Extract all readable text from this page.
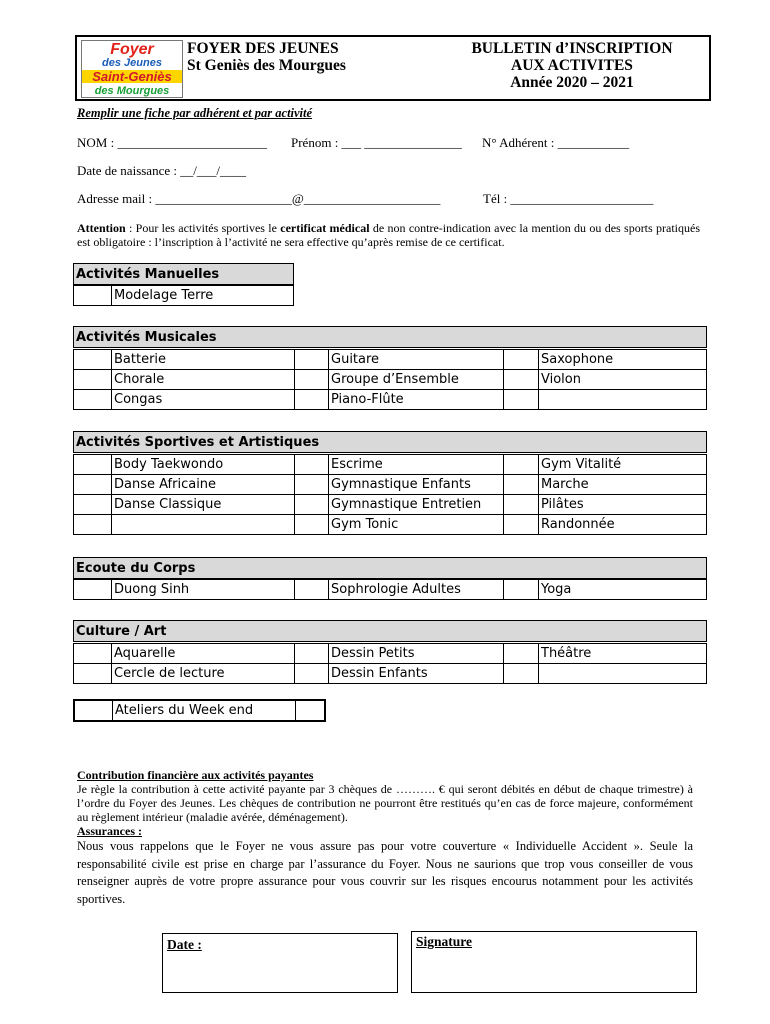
Foyer
des Jeunes
Saint-Geniès
des Mourgues
FOYER DES JEUNES
St Geniès des Mourgues
BULLETIN d’INSCRIPTION
AUX ACTIVITES
Année 2020 – 2021
Remplir une fiche par adhérent et par activité
NOM : _______________________ Prénom : ___ _______________ N° Adhérent : ___________
Date de naissance : __/___/____
Adresse mail : _____________________@_____________________	Tél : ______________________
Attention : Pour les activités sportives le certificat médical de non contre-indication avec la mention du ou des sports pratiqués est obligatoire : l’inscription à l’activité ne sera effective qu’après remise de ce certificat.
Activités Manuelles
	Modelage Terre
Activités Musicales
	Batterie		Guitare		Saxophone
	Chorale		Groupe d’Ensemble		Violon
	Congas		Piano-Flûte		
Activités Sportives et Artistiques
	Body Taekwondo		Escrime		Gym Vitalité
	Danse Africaine		Gymnastique Enfants		Marche
	Danse Classique		Gymnastique Entretien		Pilâtes
			Gym Tonic		Randonnée
Ecoute du Corps
	Duong Sinh		Sophrologie Adultes		Yoga
Culture / Art
	Aquarelle		Dessin Petits		Théâtre
	Cercle de lecture		Dessin Enfants		
	Ateliers du Week end	
Contribution financière aux activités payantes
Je règle la contribution à cette activité payante par 3 chèques de ………. € qui seront débités en début de chaque trimestre) à l’ordre du Foyer des Jeunes. Les chèques de contribution ne pourront être restitués qu’en cas de force majeure, conformément au règlement intérieur (maladie avérée, déménagement).
Assurances :
Nous vous rappelons que le Foyer ne vous assure pas pour votre couverture « Individuelle Accident ». Seule la responsabilité civile est prise en charge par l’assurance du Foyer. Nous ne saurions que trop vous conseiller de vous renseigner auprès de votre propre assurance pour vous couvrir sur les risques encourus notamment pour les activités sportives.
Date :	Signature
